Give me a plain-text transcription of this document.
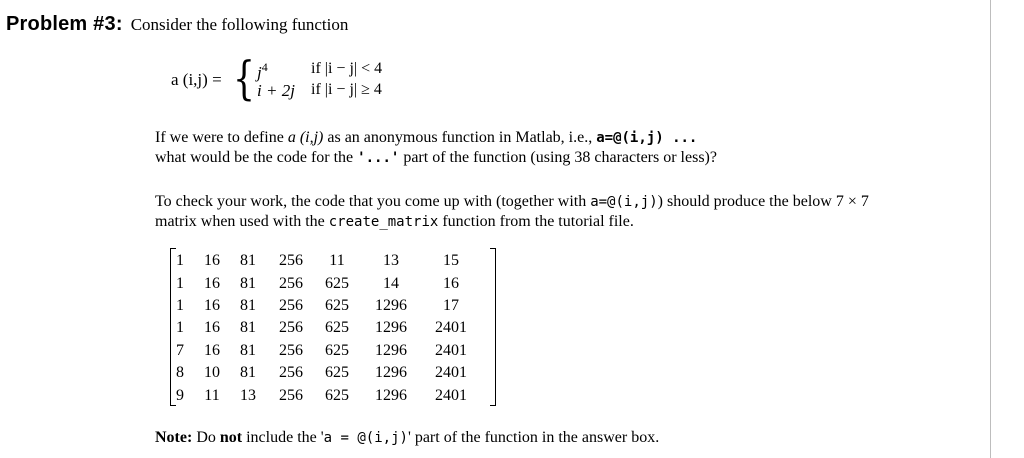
Problem #3: Consider the following function
a (i,j) = { $j^4$
i + 2j
if |i − j| < 4
if |i − j| ≥ 4
If we were to define a (i,j) as an anonymous function in Matlab, i.e., a=@(i,j) ...
what would be the code for the '...' part of the function (using 38 characters or less)?
To check your work, the code that you come up with (together with a=@(i,j)) should produce the below 7 × 7
matrix when used with the create_matrix function from the tutorial file.
1	16	81	256	11	13	15
1	16	81	256	625	14	16
1	16	81	256	625	1296	17
1	16	81	256	625	1296	2401
7	16	81	256	625	1296	2401
8	10	81	256	625	1296	2401
9	11	13	256	625	1296	2401
Note: Do not include the 'a = @(i,j)' part of the function in the answer box.
